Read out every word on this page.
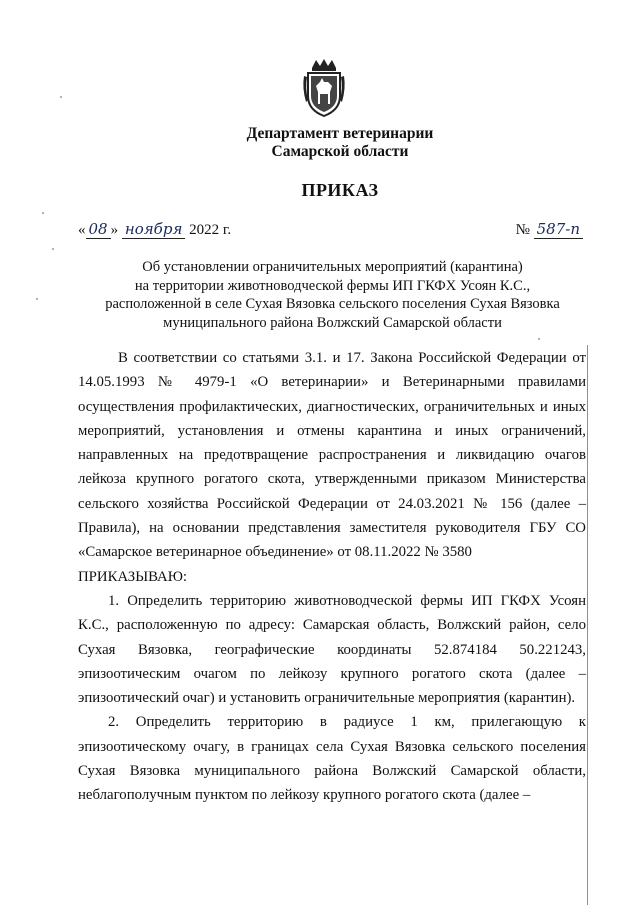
Департамент ветеринарии
Самарской области
ПРИКАЗ
« 08 » ноября 2022 г.	№ 587-п
Об установлении ограничительных мероприятий (карантина)
на территории животноводческой фермы ИП ГКФХ Усоян К.С.,
расположенной в селе Сухая Вязовка сельского поселения Сухая Вязовка
муниципального района Волжский Самарской области

В соответствии со статьями 3.1. и 17. Закона Российской Федерации от 14.05.1993 № 4979-1 «О ветеринарии» и Ветеринарными правилами осуществления профилактических, диагностических, ограничительных и иных мероприятий, установления и отмены карантина и иных ограничений, направленных на предотвращение распространения и ликвидацию очагов лейкоза крупного рогатого скота, утвержденными приказом Министерства сельского хозяйства Российской Федерации от 24.03.2021 № 156 (далее – Правила), на основании представления заместителя руководителя ГБУ СО «Самарское ветеринарное объединение» от 08.11.2022 № 3580

ПРИКАЗЫВАЮ:

1. Определить территорию животноводческой фермы ИП ГКФХ Усоян К.С., расположенную по адресу: Самарская область, Волжский район, село Сухая Вязовка, географические координаты 52.874184 50.221243, эпизоотическим очагом по лейкозу крупного рогатого скота (далее – эпизоотический очаг) и установить ограничительные мероприятия (карантин).

2. Определить территорию в радиусе 1 км, прилегающую к эпизоотическому очагу, в границах села Сухая Вязовка сельского поселения Сухая Вязовка муниципального района Волжский Самарской области, неблагополучным пунктом по лейкозу крупного рогатого скота (далее –
